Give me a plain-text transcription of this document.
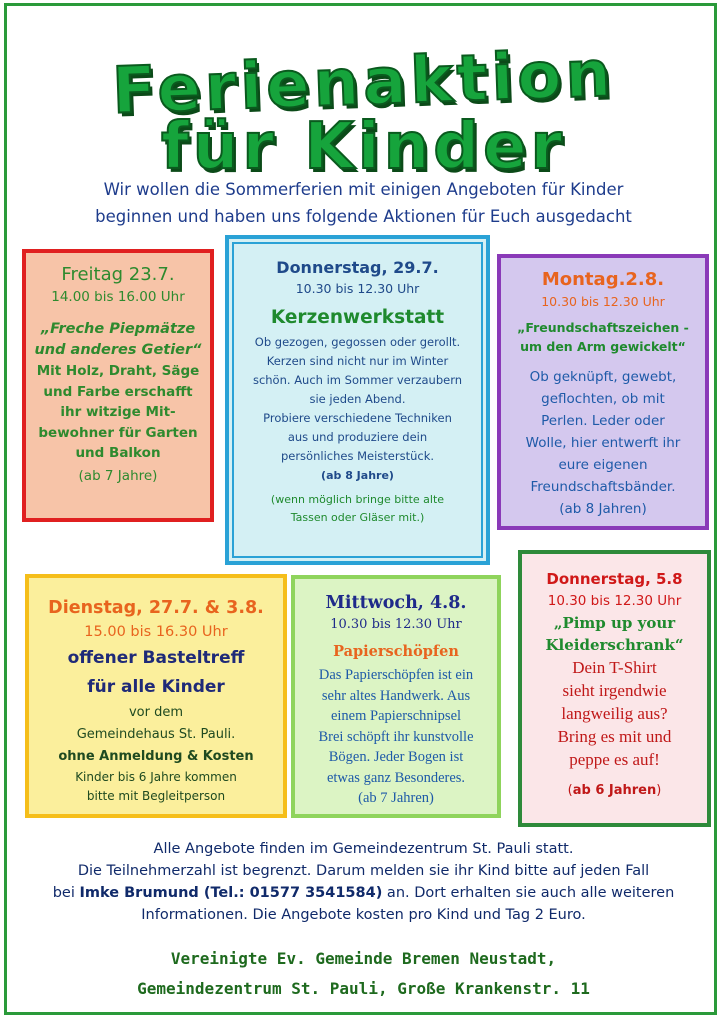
Ferienaktion
für Kinder
Wir wollen die Sommerferien mit einigen Angeboten für Kinder
beginnen und haben uns folgende Aktionen für Euch ausgedacht
Freitag 23.7.
14.00 bis 16.00 Uhr
„Freche Piepmätze
und anderes Getier“
Mit Holz, Draht, Säge
und Farbe erschafft
ihr witzige Mit-
bewohner für Garten
und Balkon
(ab 7 Jahre)
Donnerstag, 29.7.
10.30 bis 12.30 Uhr
Kerzenwerkstatt
Ob gezogen, gegossen oder gerollt.
Kerzen sind nicht nur im Winter
schön. Auch im Sommer verzaubern
sie jeden Abend.
Probiere verschiedene Techniken
aus und produziere dein
persönliches Meisterstück.
(ab 8 Jahre)
(wenn möglich bringe bitte alte
Tassen oder Gläser mit.)
Montag.2.8.
10.30 bis 12.30 Uhr
„Freundschaftszeichen -
um den Arm gewickelt“
Ob geknüpft, gewebt,
geflochten, ob mit
Perlen. Leder oder
Wolle, hier entwerft ihr
eure eigenen
Freundschaftsbänder.
(ab 8 Jahren)
Dienstag, 27.7. & 3.8.
15.00 bis 16.30 Uhr
offener Basteltreff
für alle Kinder
vor dem
Gemeindehaus St. Pauli.
ohne Anmeldung & Kosten
Kinder bis 6 Jahre kommen
bitte mit Begleitperson
Mittwoch, 4.8.
10.30 bis 12.30 Uhr
Papierschöpfen
Das Papierschöpfen ist ein
sehr altes Handwerk. Aus
einem Papierschnipsel
Brei schöpft ihr kunstvolle
Bögen. Jeder Bogen ist
etwas ganz Besonderes.
(ab 7 Jahren)
Donnerstag, 5.8
10.30 bis 12.30 Uhr
„Pimp up your
Kleiderschrank“
Dein T-Shirt
sieht irgendwie
langweilig aus?
Bring es mit und
peppe es auf!
(ab 6 Jahren)
Alle Angebote finden im Gemeindezentrum St. Pauli statt.
Die Teilnehmerzahl ist begrenzt. Darum melden sie ihr Kind bitte auf jeden Fall
bei Imke Brumund (Tel.: 01577 3541584) an. Dort erhalten sie auch alle weiteren
Informationen. Die Angebote kosten pro Kind und Tag 2 Euro.
Vereinigte Ev. Gemeinde Bremen Neustadt,
Gemeindezentrum St. Pauli, Große Krankenstr. 11
